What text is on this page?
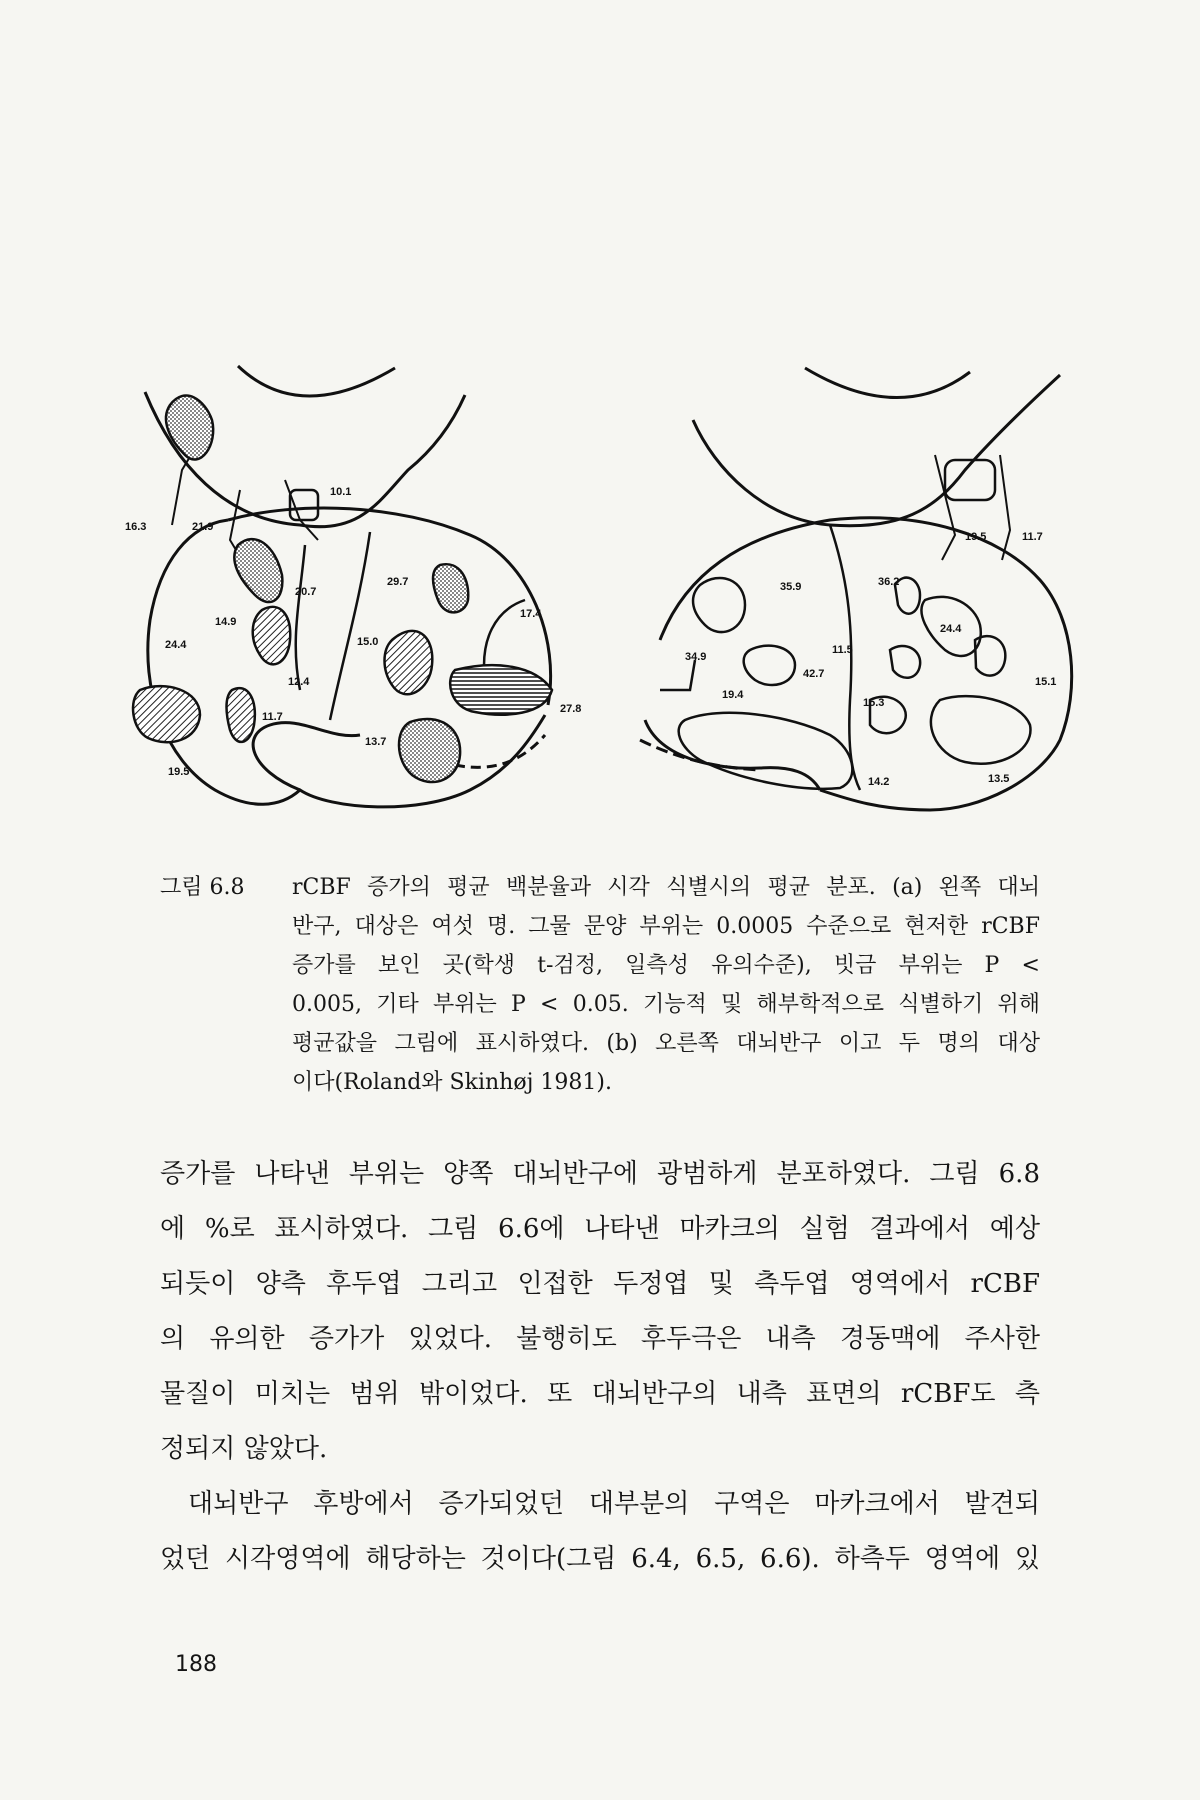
16.3	21.9
10.1
20.7
29.7
14.9
24.4	15.0
17.4
12.4
11.7
27.8
13.7
19.5
19.5	11.7
35.9	36.2
24.4
34.9
11.5
42.7
15.1
19.4
15.3
14.2	13.5
그림 6.8	rCBF 증가의 평균 백분율과 시각 식별시의 평균 분포. (a) 왼쪽 대뇌
반구, 대상은 여섯 명. 그물 문양 부위는 0.0005 수준으로 현저한 rCBF
증가를 보인 곳(학생 t-검정, 일측성 유의수준), 빗금 부위는 P <
0.005, 기타 부위는 P < 0.05. 기능적 및 해부학적으로 식별하기 위해
평균값을 그림에 표시하였다. (b) 오른쪽 대뇌반구 이고 두 명의 대상
이다(Roland와 Skinhøj 1981).
증가를 나타낸 부위는 양쪽 대뇌반구에 광범하게 분포하였다. 그림 6.8
에 %로 표시하였다. 그림 6.6에 나타낸 마카크의 실험 결과에서 예상
되듯이 양측 후두엽 그리고 인접한 두정엽 및 측두엽 영역에서 rCBF
의 유의한 증가가 있었다. 불행히도 후두극은 내측 경동맥에 주사한
물질이 미치는 범위 밖이었다. 또 대뇌반구의 내측 표면의 rCBF도 측
정되지 않았다.
대뇌반구 후방에서 증가되었던 대부분의 구역은 마카크에서 발견되
었던 시각영역에 해당하는 것이다(그림 6.4, 6.5, 6.6). 하측두 영역에 있
188
